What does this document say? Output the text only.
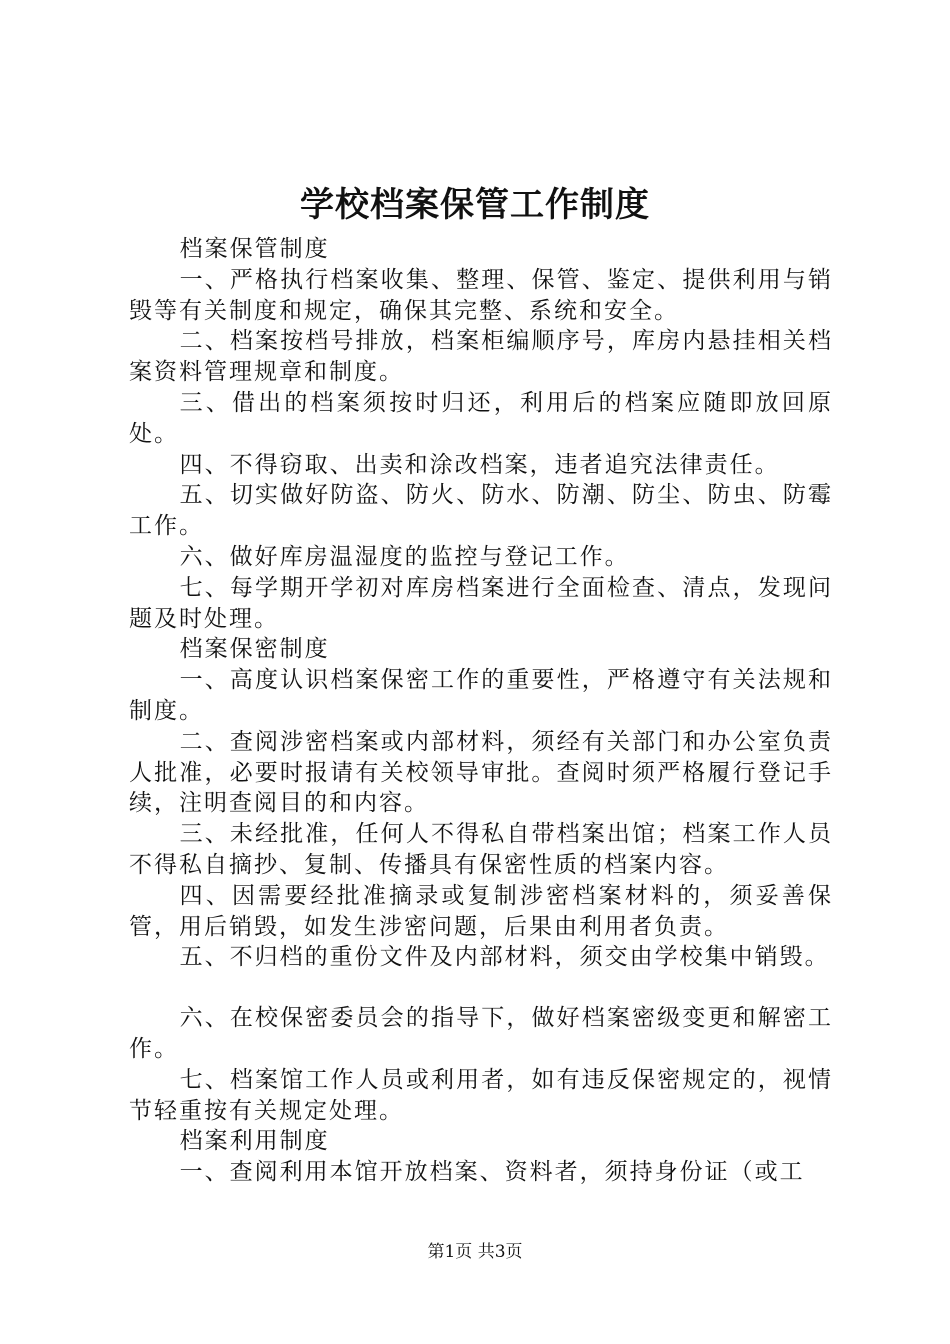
学校档案保管工作制度
档案保管制度
一、严格执行档案收集、整理、保管、鉴定、提供利用与销毁等有关制度和规定，确保其完整、系统和安全。
二、档案按档号排放，档案柜编顺序号，库房内悬挂相关档案资料管理规章和制度。
三、借出的档案须按时归还，利用后的档案应随即放回原处。
四、不得窃取、出卖和涂改档案，违者追究法律责任。
五、切实做好防盗、防火、防水、防潮、防尘、防虫、防霉工作。
六、做好库房温湿度的监控与登记工作。
七、每学期开学初对库房档案进行全面检查、清点，发现问题及时处理。
档案保密制度
一、高度认识档案保密工作的重要性，严格遵守有关法规和制度。
二、查阅涉密档案或内部材料，须经有关部门和办公室负责人批准，必要时报请有关校领导审批。查阅时须严格履行登记手续，注明查阅目的和内容。
三、未经批准，任何人不得私自带档案出馆；档案工作人员不得私自摘抄、复制、传播具有保密性质的档案内容。
四、因需要经批准摘录或复制涉密档案材料的，须妥善保管，用后销毁，如发生涉密问题，后果由利用者负责。
五、不归档的重份文件及内部材料，须交由学校集中销毁。
六、在校保密委员会的指导下，做好档案密级变更和解密工作。
七、档案馆工作人员或利用者，如有违反保密规定的，视情节轻重按有关规定处理。
档案利用制度
一、查阅利用本馆开放档案、资料者，须持身份证（或工
第1页 共3页
